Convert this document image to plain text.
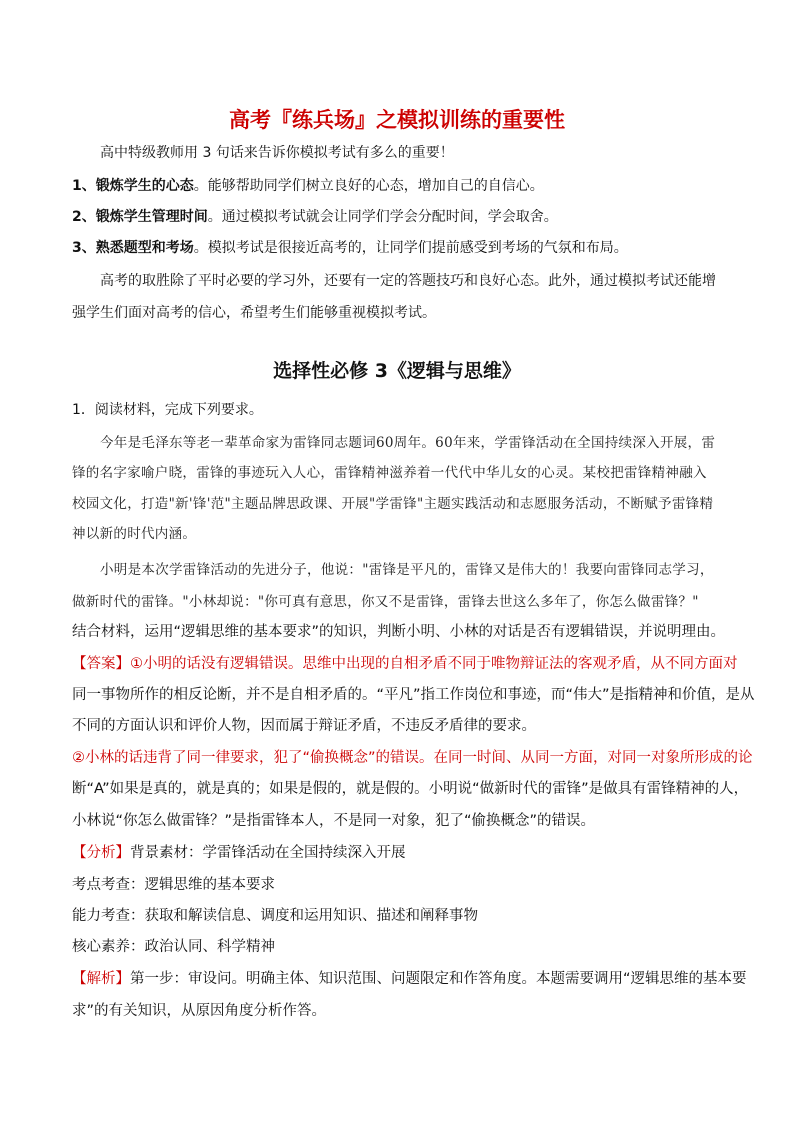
高考『练兵场』之模拟训练的重要性
高中特级教师用 3 句话来告诉你模拟考试有多么的重要！
1、锻炼学生的心态。能够帮助同学们树立良好的心态，增加自己的自信心。
2、锻炼学生管理时间。通过模拟考试就会让同学们学会分配时间，学会取舍。
3、熟悉题型和考场。模拟考试是很接近高考的，让同学们提前感受到考场的气氛和布局。
高考的取胜除了平时必要的学习外，还要有一定的答题技巧和良好心态。此外，通过模拟考试还能增
强学生们面对高考的信心，希望考生们能够重视模拟考试。
选择性必修 3《逻辑与思维》
1．阅读材料，完成下列要求。
今年是毛泽东等老一辈革命家为雷锋同志题词60周年。60年来，学雷锋活动在全国持续深入开展，雷
锋的名字家喻户晓，雷锋的事迹玩入人心，雷锋精神滋养着一代代中华儿女的心灵。某校把雷锋精神融入
校园文化，打造"新'锋'范"主题品牌思政课、开展"学雷锋"主题实践活动和志愿服务活动，不断赋予雷锋精
神以新的时代内涵。
小明是本次学雷锋活动的先进分子，他说："雷锋是平凡的，雷锋又是伟大的！我要向雷锋同志学习，
做新时代的雷锋。"小林却说："你可真有意思，你又不是雷锋，雷锋去世这么多年了，你怎么做雷锋？"
结合材料，运用“逻辑思维的基本要求”的知识，判断小明、小林的对话是否有逻辑错误，并说明理由。
【答案】①小明的话没有逻辑错误。思维中出现的自相矛盾不同于唯物辩证法的客观矛盾，从不同方面对
同一事物所作的相反论断，并不是自相矛盾的。“平凡”指工作岗位和事迹，而“伟大”是指精神和价值，是从
不同的方面认识和评价人物，因而属于辩证矛盾，不违反矛盾律的要求。
②小林的话违背了同一律要求，犯了“偷换概念”的错误。在同一时间、从同一方面，对同一对象所形成的论
断“A”如果是真的，就是真的；如果是假的，就是假的。小明说“做新时代的雷锋”是做具有雷锋精神的人，
小林说“你怎么做雷锋？”是指雷锋本人，不是同一对象，犯了“偷换概念”的错误。
【分析】背景素材：学雷锋活动在全国持续深入开展
考点考查：逻辑思维的基本要求
能力考查：获取和解读信息、调度和运用知识、描述和阐释事物
核心素养：政治认同、科学精神
【解析】第一步：审设问。明确主体、知识范围、问题限定和作答角度。本题需要调用“逻辑思维的基本要
求”的有关知识，从原因角度分析作答。
